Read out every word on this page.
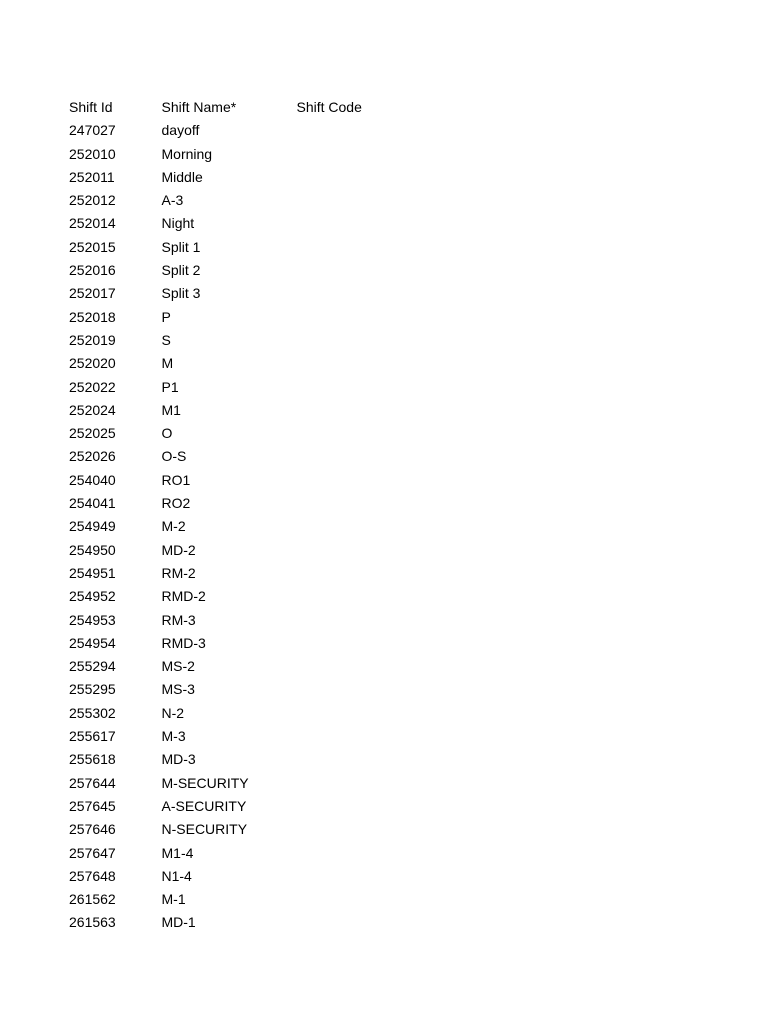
Shift Id	Shift Name*	Shift Code
247027	dayoff
252010	Morning
252011	Middle
252012	A-3
252014	Night
252015	Split 1
252016	Split 2
252017	Split 3
252018	P
252019	S
252020	M
252022	P1
252024	M1
252025	O
252026	O-S
254040	RO1
254041	RO2
254949	M-2
254950	MD-2
254951	RM-2
254952	RMD-2
254953	RM-3
254954	RMD-3
255294	MS-2
255295	MS-3
255302	N-2
255617	M-3
255618	MD-3
257644	M-SECURITY
257645	A-SECURITY
257646	N-SECURITY
257647	M1-4
257648	N1-4
261562	M-1
261563	MD-1
